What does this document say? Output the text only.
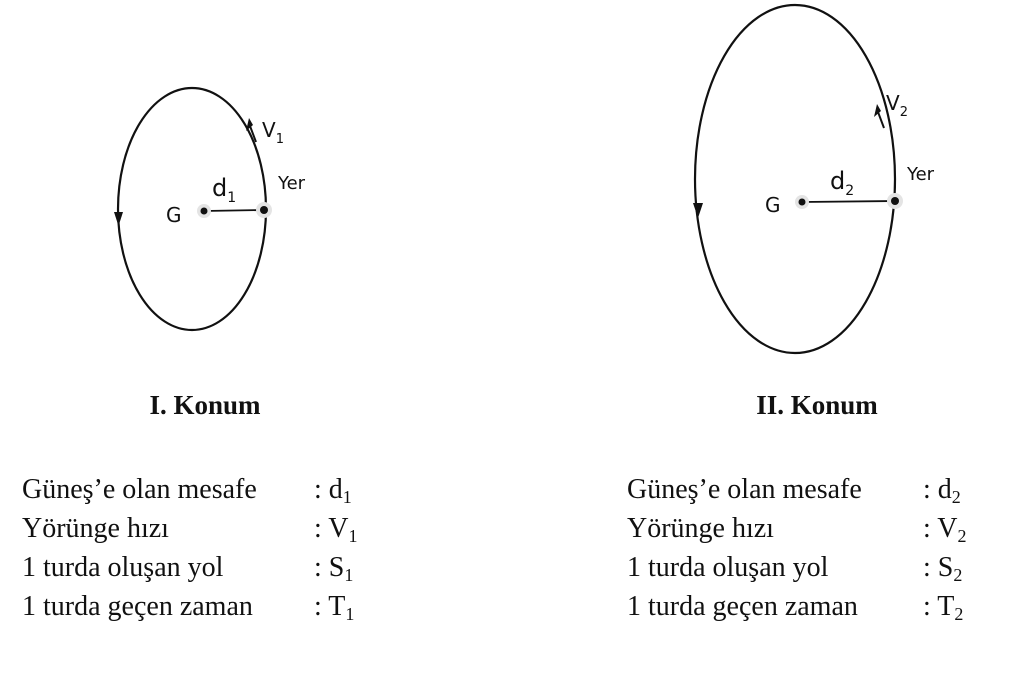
$V_1$
G
$d_1$
Yer
$V_2$
G
$d_2$
Yer
I. Konum	II. Konum
Güneş’e olan mesafe : $d_1$
Yörünge hızı	: $V_1$
1 turda oluşan yol	: $S_1$
1 turda geçen zaman : $T_1$
Güneş’e olan mesafe : $d_2$
Yörünge hızı	: $V_2$
1 turda oluşan yol	: $S_2$
1 turda geçen zaman : $T_2$
